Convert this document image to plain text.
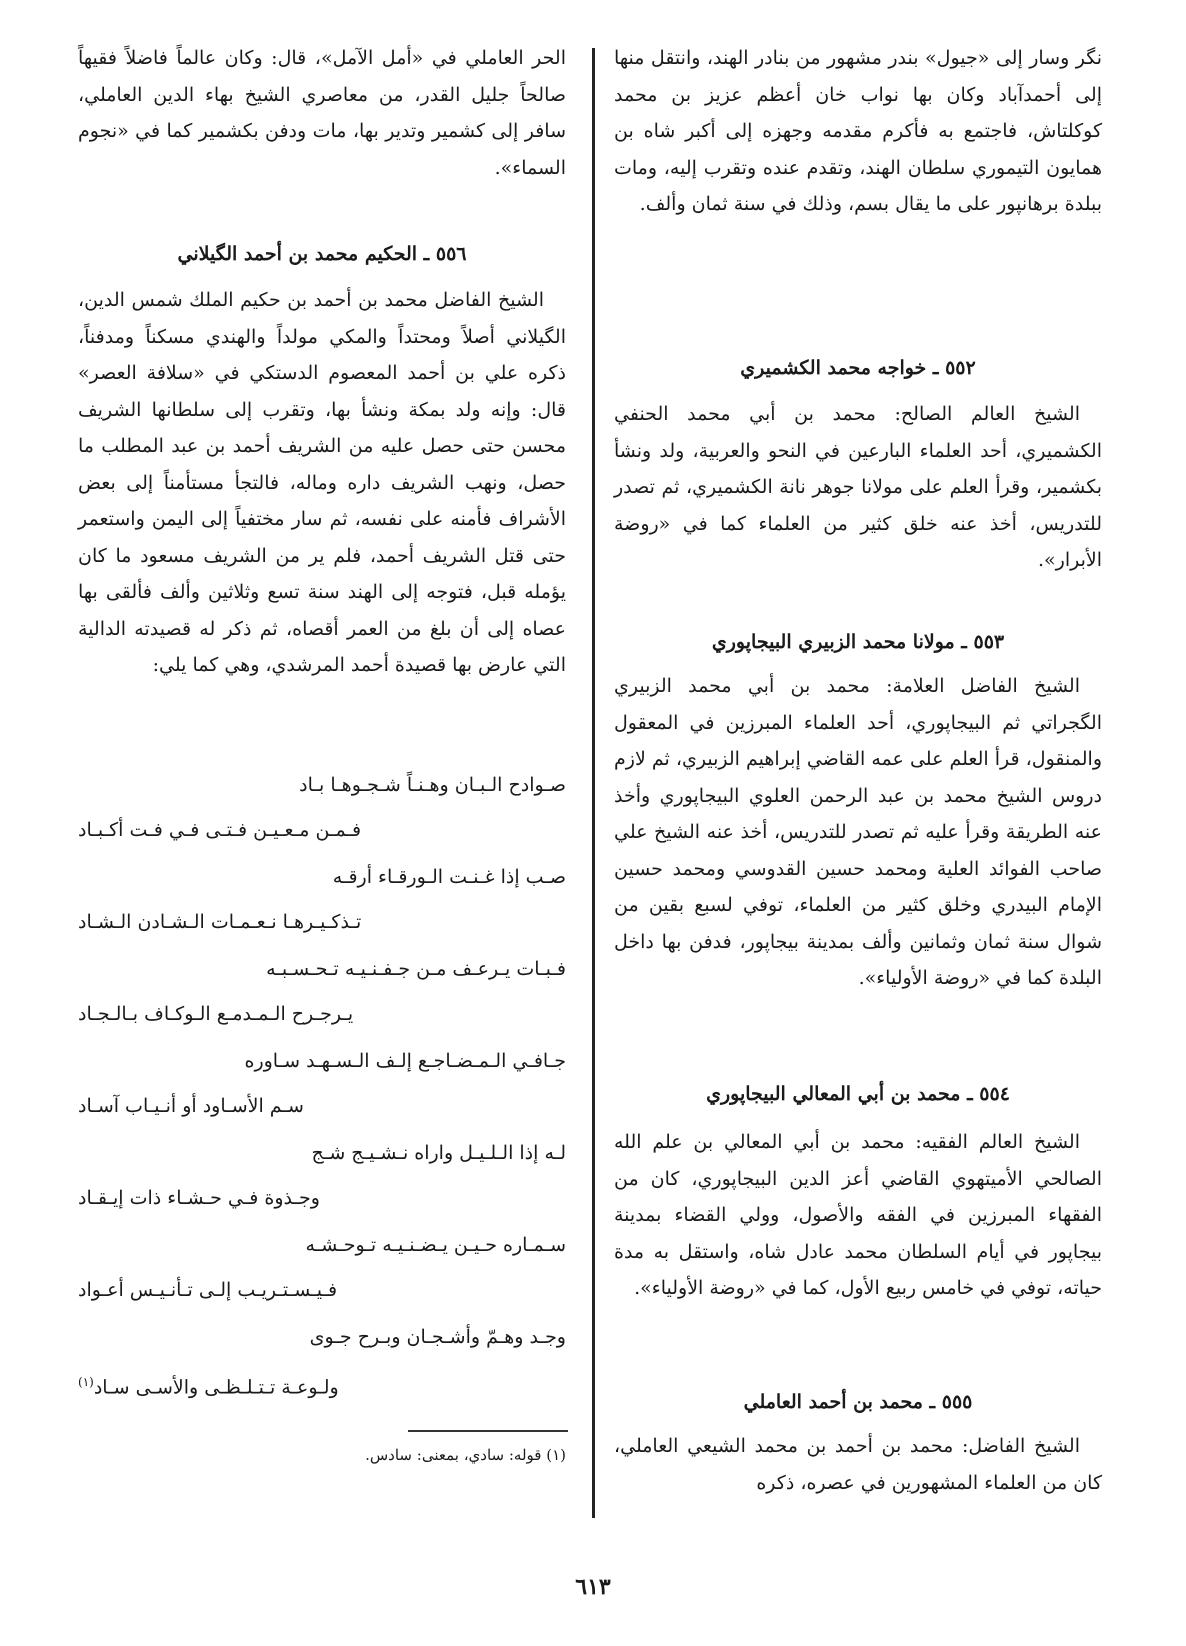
نگر وسار إلى «جيول» بندر مشهور من بنادر الهند، وانتقل منها إلى أحمدآباد وكان بها نواب خان أعظم عزيز بن محمد كوكلتاش، فاجتمع به فأكرم مقدمه وجهزه إلى أكبر شاه بن همايون التيموري سلطان الهند، وتقدم عنده وتقرب إليه، ومات ببلدة برهانپور على ما يقال بسم، وذلك في سنة ثمان وألف.

٥٥٢ ـ خواجه محمد الكشميري

الشيخ العالم الصالح: محمد بن أبي محمد الحنفي الكشميري، أحد العلماء البارعين في النحو والعربية، ولد ونشأ بكشمير، وقرأ العلم على مولانا جوهر نانة الكشميري، ثم تصدر للتدريس، أخذ عنه خلق كثير من العلماء كما في «روضة الأبرار».

٥٥٣ ـ مولانا محمد الزبيري البيجاپوري

الشيخ الفاضل العلامة: محمد بن أبي محمد الزبيري الگجراتي ثم البيجاپوري، أحد العلماء المبرزين في المعقول والمنقول، قرأ العلم على عمه القاضي إبراهيم الزبيري، ثم لازم دروس الشيخ محمد بن عبد الرحمن العلوي البيجاپوري وأخذ عنه الطريقة وقرأ عليه ثم تصدر للتدريس، أخذ عنه الشيخ علي صاحب الفوائد العلية ومحمد حسين القدوسي ومحمد حسين الإمام البيدري وخلق كثير من العلماء، توفي لسبع بقين من شوال سنة ثمان وثمانين وألف بمدينة بيجاپور، فدفن بها داخل البلدة كما في «روضة الأولياء».

٥٥٤ ـ محمد بن أبي المعالي البيجاپوري

الشيخ العالم الفقيه: محمد بن أبي المعالي بن علم الله الصالحي الأميتهوي القاضي أعز الدين البيجاپوري، كان من الفقهاء المبرزين في الفقه والأصول، وولي القضاء بمدينة بيجاپور في أيام السلطان محمد عادل شاه، واستقل به مدة حياته، توفي في خامس ربيع الأول، كما في «روضة الأولياء».

٥٥٥ ـ محمد بن أحمد العاملي

الشيخ الفاضل: محمد بن أحمد بن محمد الشيعي العاملي، كان من العلماء المشهورين في عصره، ذكره

الحر العاملي في «أمل الآمل»، قال: وكان عالماً فاضلاً فقيهاً صالحاً جليل القدر، من معاصري الشيخ بهاء الدين العاملي، سافر إلى كشمير وتدير بها، مات ودفن بكشمير كما في «نجوم السماء».

٥٥٦ ـ الحكيم محمد بن أحمد الگيلاني

الشيخ الفاضل محمد بن أحمد بن حكيم الملك شمس الدين، الگيلاني أصلاً ومحتداً والمكي مولداً والهندي مسكناً ومدفناً، ذكره علي بن أحمد المعصوم الدستكي في «سلافة العصر» قال: وإنه ولد بمكة ونشأ بها، وتقرب إلى سلطانها الشريف محسن حتى حصل عليه من الشريف أحمد بن عبد المطلب ما حصل، ونهب الشريف داره وماله، فالتجأ مستأمناً إلى بعض الأشراف فأمنه على نفسه، ثم سار مختفياً إلى اليمن واستعمر حتى قتل الشريف أحمد، فلم ير من الشريف مسعود ما كان يؤمله قبل، فتوجه إلى الهند سنة تسع وثلاثين وألف فألقى بها عصاه إلى أن بلغ من العمر أقصاه، ثم ذكر له قصيدته الدالية التي عارض بها قصيدة أحمد المرشدي، وهي كما يلي:

صـوادح الـبـان وهـنـاً شـجـوهـا بـاد

فـمـن مـعـيـن فـتـى فـي فـت أكـبـاد

صـب إذا غـنـت الـورقـاء أرقـه

تـذكـيـرهـا نـعـمـات الـشـادن الـشـاد

فـبـات يـرعـف مـن جـفـنـيـه تـحـسـبـه

يـرجـرح الـمـدمـع الـوكـاف بـالـجـاد

جـافـي الـمـضـاجـع إلـف الـسـهـد سـاوره

سـم الأسـاود أو أنـيـاب آسـاد

لـه إذا الـلـيـل واراه نـشـيـج شـج

وجـذوة فـي حـشـاء ذات إيـقـاد

سـمـاره حـيـن يـضـنـيـه تـوحـشـه

فـيـسـتـريـب إلـى تـأنـيـس أعـواد

وجـد وهـمّ وأشـجـان وبـرح جـوى

ولـوعـة تـتـلـظـى والأسـى سـاد$^{(١)}$

(١) قوله: سادي، بمعنى: سادس.

٦١٣
